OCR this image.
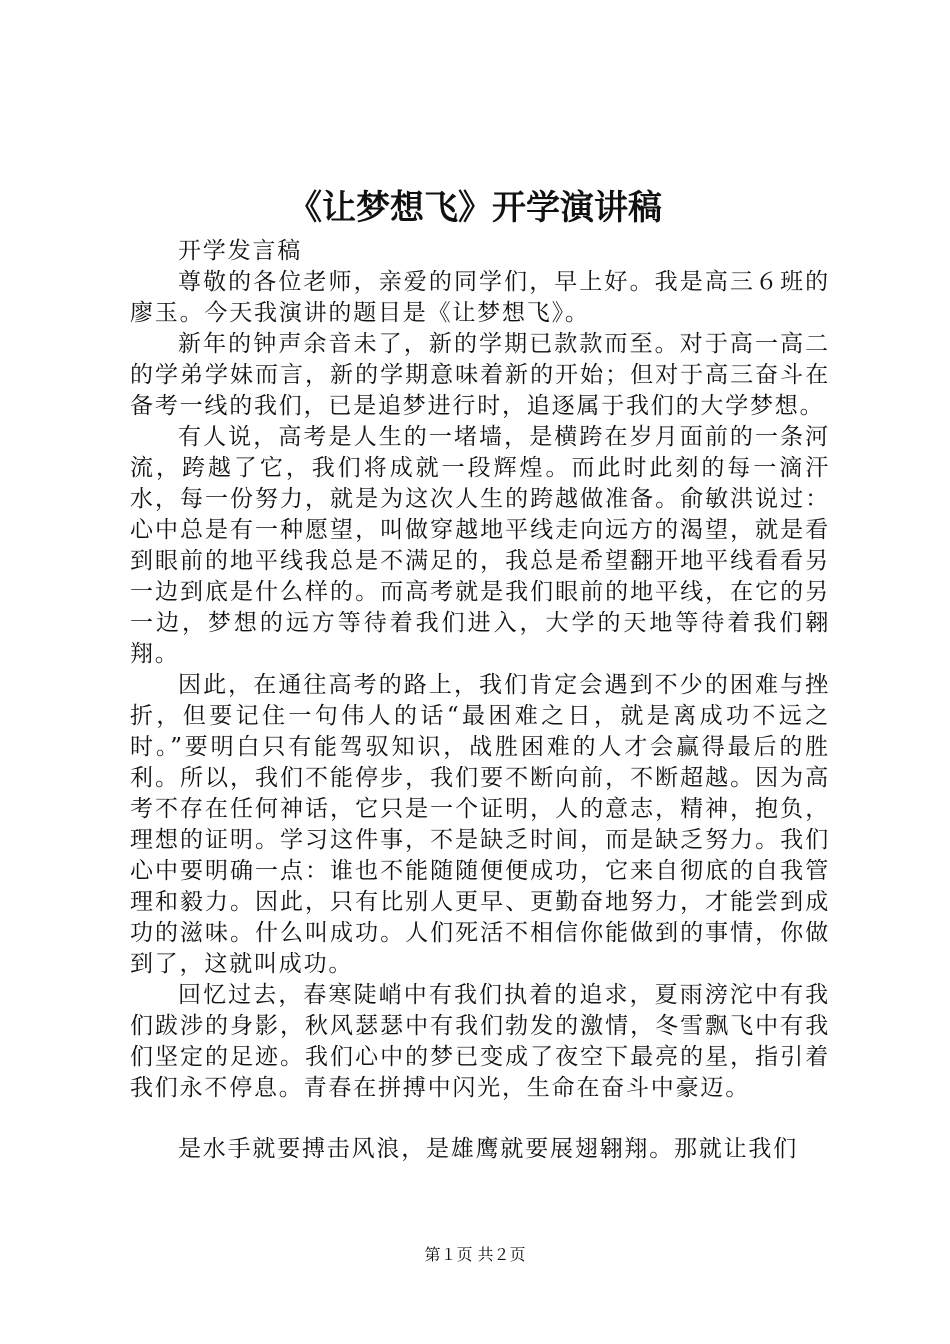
《让梦想飞》开学演讲稿

开学发言稿

尊敬的各位老师，亲爱的同学们，早上好。我是高三６班的廖玉。今天我演讲的题目是《让梦想飞》。

新年的钟声余音未了，新的学期已款款而至。对于高一高二的学弟学妹而言，新的学期意味着新的开始；但对于高三奋斗在备考一线的我们，已是追梦进行时，追逐属于我们的大学梦想。

有人说，高考是人生的一堵墙，是横跨在岁月面前的一条河流，跨越了它，我们将成就一段辉煌。而此时此刻的每一滴汗水，每一份努力，就是为这次人生的跨越做准备。俞敏洪说过：心中总是有一种愿望，叫做穿越地平线走向远方的渴望，就是看到眼前的地平线我总是不满足的，我总是希望翻开地平线看看另一边到底是什么样的。而高考就是我们眼前的地平线，在它的另一边，梦想的远方等待着我们进入，大学的天地等待着我们翱翔。

因此，在通往高考的路上，我们肯定会遇到不少的困难与挫折，但要记住一句伟人的话“最困难之日，就是离成功不远之时。”要明白只有能驾驭知识，战胜困难的人才会赢得最后的胜利。所以，我们不能停步，我们要不断向前，不断超越。因为高考不存在任何神话，它只是一个证明，人的意志，精神，抱负，理想的证明。学习这件事，不是缺乏时间，而是缺乏努力。我们心中要明确一点：谁也不能随随便便成功，它来自彻底的自我管理和毅力。因此，只有比别人更早、更勤奋地努力，才能尝到成功的滋味。什么叫成功。人们死活不相信你能做到的事情，你做到了，这就叫成功。

回忆过去，春寒陡峭中有我们执着的追求，夏雨滂沱中有我们跋涉的身影，秋风瑟瑟中有我们勃发的激情，冬雪飘飞中有我们坚定的足迹。我们心中的梦已变成了夜空下最亮的星，指引着我们永不停息。青春在拼搏中闪光，生命在奋斗中豪迈。

是水手就要搏击风浪，是雄鹰就要展翅翱翔。那就让我们

第１页 共２页
